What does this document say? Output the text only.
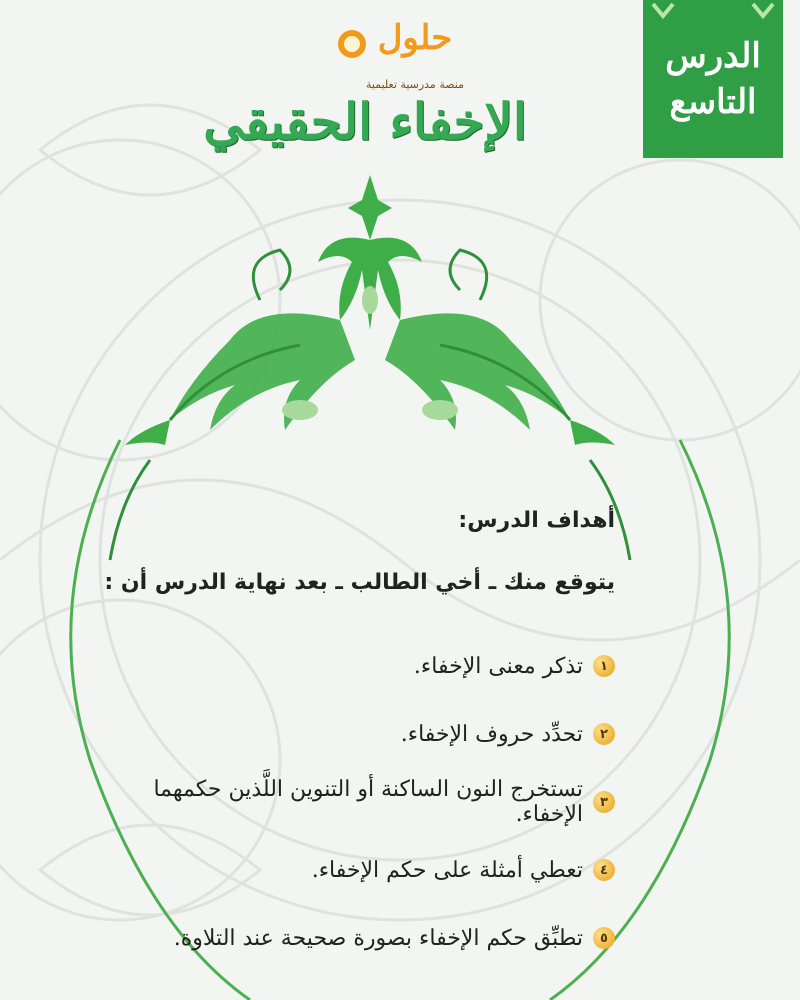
الدرس
التاسع
حلول
منصة مدرسية تعليمية
الإخفاء الحقيقي
أهداف الدرس:
يتوقع منك ـ أخي الطالب ـ بعد نهاية الدرس أن :
١
تذكر معنى الإخفاء.
٢
تحدِّد حروف الإخفاء.
٣
تستخرج النون الساكنة أو التنوين اللَّذين حكمهما الإخفاء.
٤
تعطي أمثلة على حكم الإخفاء.
٥
تطبِّق حكم الإخفاء بصورة صحيحة عند التلاوة.
